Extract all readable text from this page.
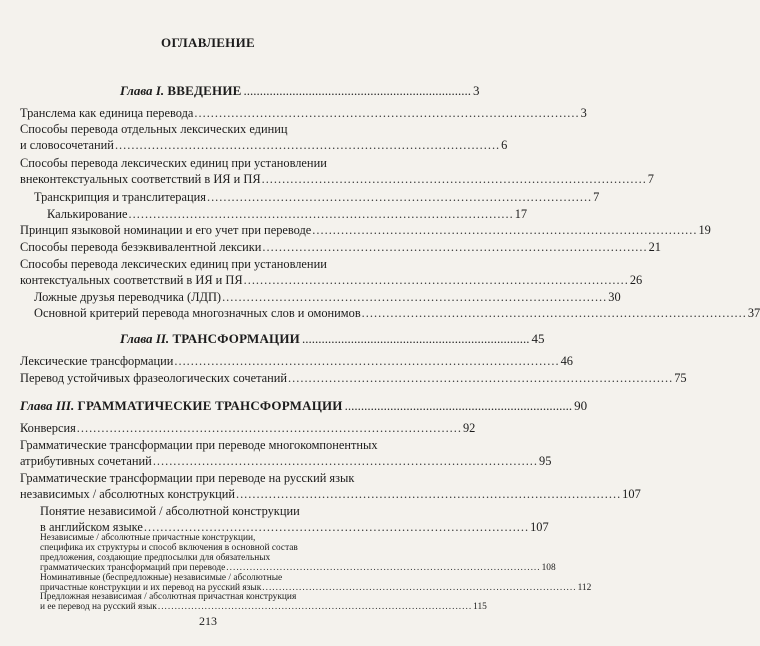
ОГЛАВЛЕНИЕ
Глава I. ВВЕДЕНИЕ ...................................................................... 3
Транслема как единица перевода .............................................................................................. 3
Способы перевода отдельных лексических единиц
и словосочетаний .............................................................................................. 6
Способы перевода лексических единиц при установлении
внеконтекстуальных соответствий в ИЯ и ПЯ .............................................................................................. 7
Транскрипция и транслитерация .............................................................................................. 7
Калькирование .............................................................................................. 17
Принцип языковой номинации и его учет при переводе .............................................................................................. 19
Способы перевода безэквивалентной лексики .............................................................................................. 21
Способы перевода лексических единиц при установлении
контекстуальных соответствий в ИЯ и ПЯ .............................................................................................. 26
Ложные друзья переводчика (ЛДП) .............................................................................................. 30
Основной критерий перевода многозначных слов и омонимов .............................................................................................. 37
Глава II. ТРАНСФОРМАЦИИ ...................................................................... 45
Лексические трансформации .............................................................................................. 46
Перевод устойчивых фразеологических сочетаний .............................................................................................. 75
Глава III. ГРАММАТИЧЕСКИЕ ТРАНСФОРМАЦИИ ...................................................................... 90
Конверсия .............................................................................................. 92
Грамматические трансформации при переводе многокомпонентных
атрибутивных сочетаний .............................................................................................. 95
Грамматические трансформации при переводе на русский язык
независимых / абсолютных конструкций .............................................................................................. 107
Понятие независимой / абсолютной конструкции
в английском языке .............................................................................................. 107
213
Независимые / абсолютные причастные конструкции,
специфика их структуры и способ включения в основной состав
предложения, создающие предпосылки для обязательных
грамматических трансформаций при переводе .............................................................................................. 108
Номинативные (беспредложные) независимые / абсолютные
причастные конструкции и их перевод на русский язык .............................................................................................. 112
Предложная независимая / абсолютная причастная конструкция
и ее перевод на русский язык .............................................................................................. 115
